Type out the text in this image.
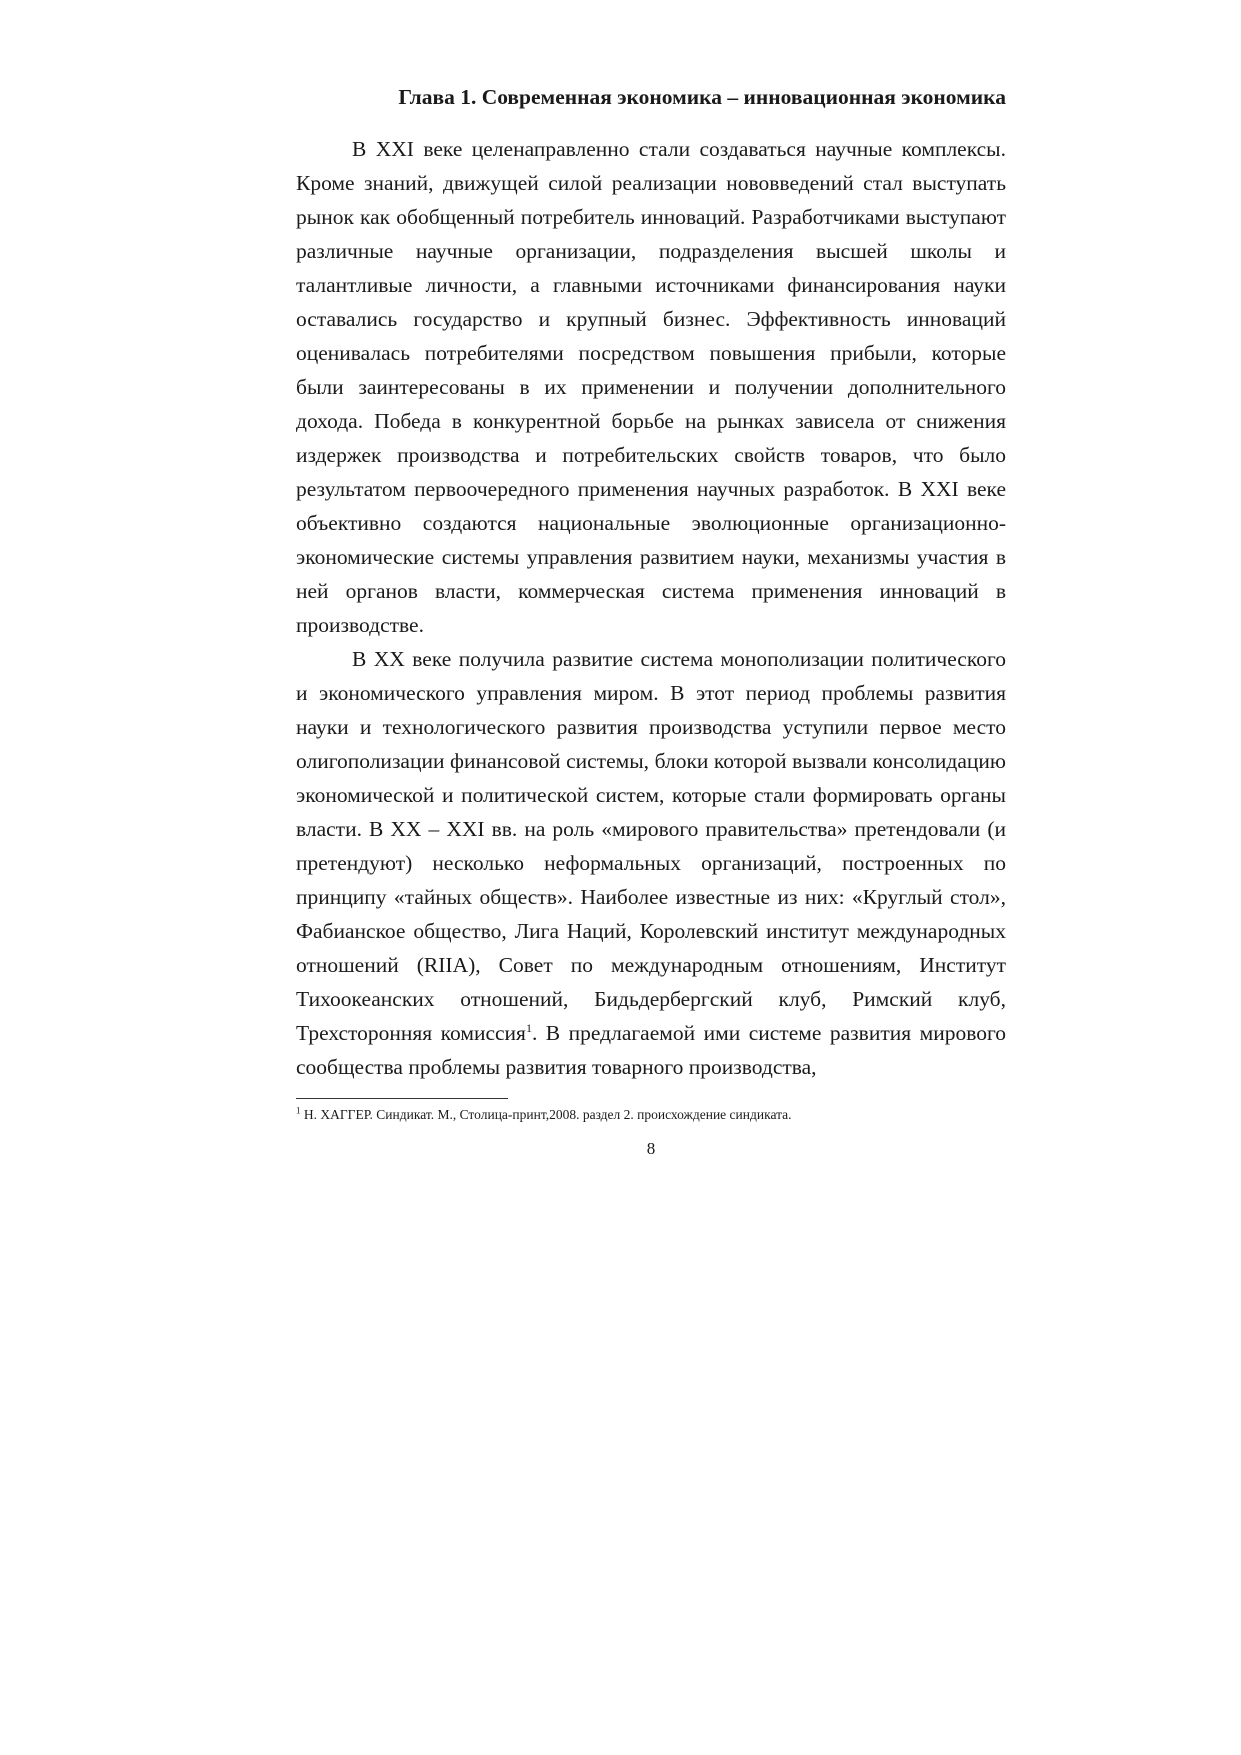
Глава 1. Современная экономика – инновационная экономика

В XXI веке целенаправленно стали создаваться научные комплексы. Кроме знаний, движущей силой реализации нововведений стал выступать рынок как обобщенный потребитель инноваций. Разработчиками выступают различные научные организации, подразделения высшей школы и талантливые личности, а главными источниками финансирования науки оставались государство и крупный бизнес. Эффективность инноваций оценивалась потребителями посредством повышения прибыли, которые были заинтересованы в их применении и получении дополнительного дохода. Победа в конкурентной борьбе на рынках зависела от снижения издержек производства и потребительских свойств товаров, что было результатом первоочередного применения научных разработок. В XXI веке объективно создаются национальные эволюционные организационно-экономические системы управления развитием науки, механизмы участия в ней органов власти, коммерческая система применения инноваций в производстве.

В XX веке получила развитие система монополизации политического и экономического управления миром. В этот период проблемы развития науки и технологического развития производства уступили первое место олигополизации финансовой системы, блоки которой вызвали консолидацию экономической и политической систем, которые стали формировать органы власти. В XX – XXI вв. на роль «мирового правительства» претендовали (и претендуют) несколько неформальных организаций, построенных по принципу «тайных обществ». Наиболее известные из них: «Круглый стол», Фабианское общество, Лига Наций, Королевский институт международных отношений (RIIA), Совет по международным отношениям, Институт Тихоокеанских отношений, Бидьдербергский клуб, Римский клуб, Трехсторонняя комиссия$^1$. В предлагаемой ими системе развития мирового сообщества проблемы развития товарного производства,

$^1$ Н. ХАГГЕР. Синдикат. М., Столица-принт,2008. раздел 2. происхождение синдиката.
8
